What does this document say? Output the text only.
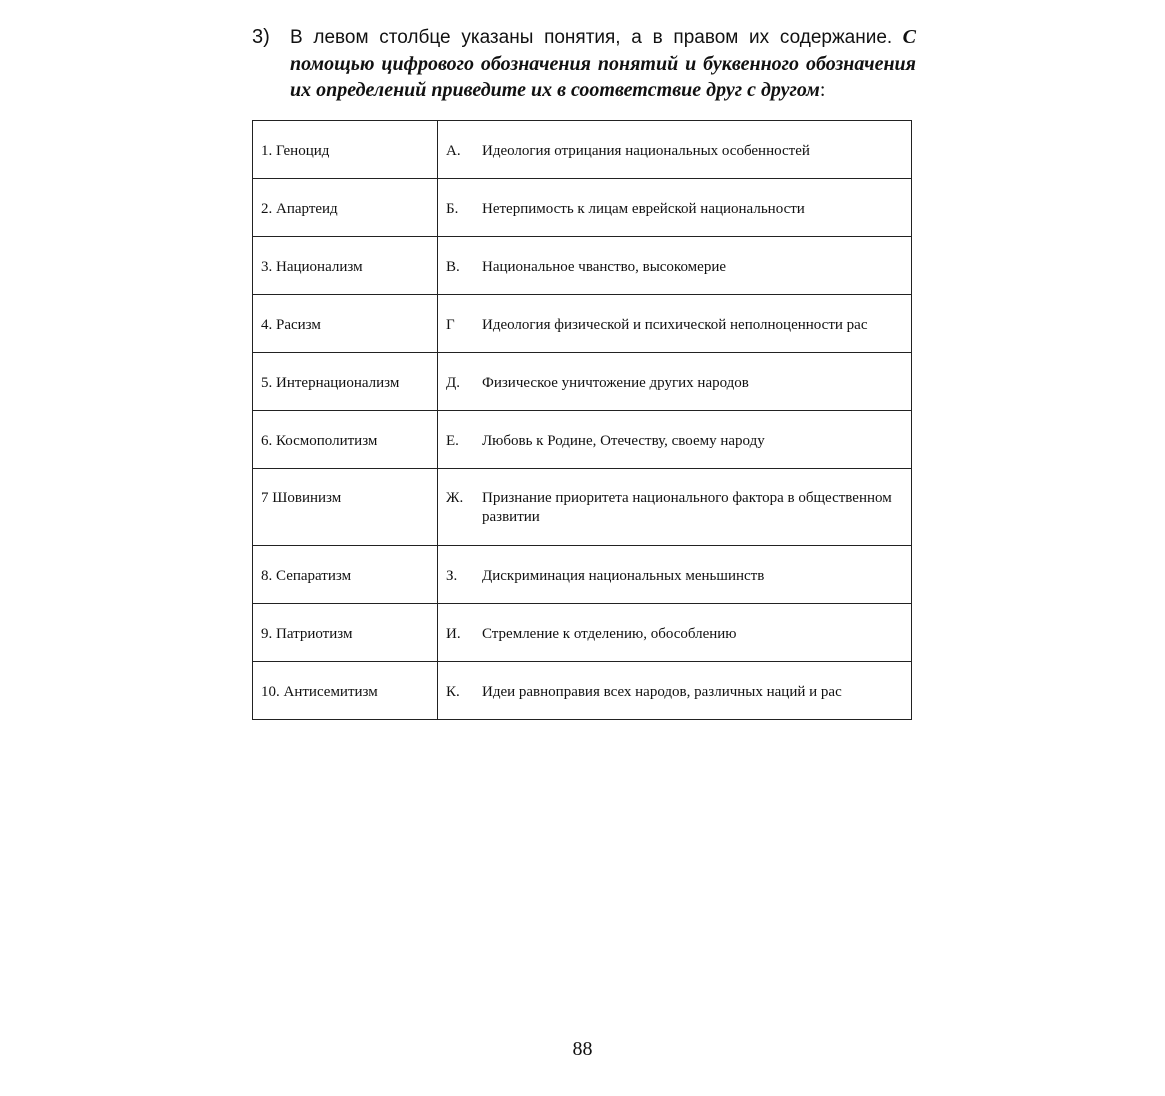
3) В левом столбце указаны понятия, а в правом их содержание. С помощью цифрового обозначения понятий и буквенного обозначения их определений приведите их в соответствие друг с другом:
1. Геноцид	А.	Идеология отрицания национальных особенностей

2. Апартеид	Б.	Нетерпимость к лицам еврейской национальности

3. Национализм	В.	Национальное чванство, высокомерие

4. Расизм	Г	Идеология физической и психической неполноценности рас

5. Интернационализм	Д.	Физическое уничтожение других народов

6. Космополитизм	Е.	Любовь к Родине, Отечеству, своему народу

7 Шовинизм	Ж.	Признание приоритета национального фактора в общественном развитии

8. Сепаратизм	З.	Дискриминация национальных меньшинств

9. Патриотизм	И.	Стремление к отделению, обособлению

10. Антисемитизм	К.	Идеи равноправия всех народов, различных наций и рас
88
